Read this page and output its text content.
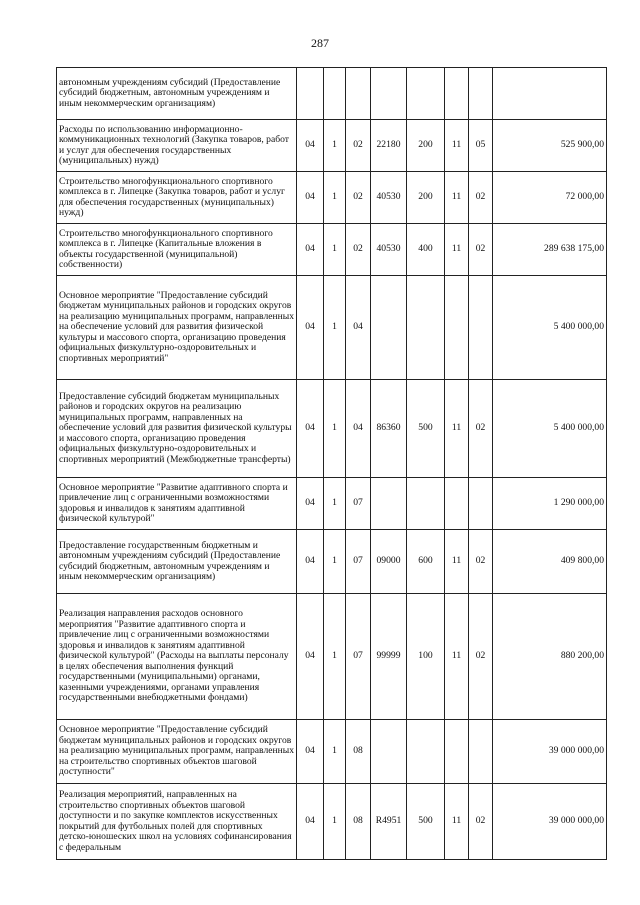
287
автономным учреждениям субсидий (Предоставление субсидий бюджетным, автономным учреждениям и иным некоммерческим организациям)								
Расходы по использованию информационно-коммуникационных технологий (Закупка товаров, работ и услуг для обеспечения государственных (муниципальных) нужд)	04	1	02	22180	200	11	05	525 900,00
Строительство многофункционального спортивного комплекса в г. Липецке (Закупка товаров, работ и услуг для обеспечения государственных (муниципальных) нужд)	04	1	02	40530	200	11	02	72 000,00
Строительство многофункционального спортивного комплекса в г. Липецке (Капитальные вложения в объекты государственной (муниципальной) собственности)	04	1	02	40530	400	11	02	289 638 175,00
Основное мероприятие "Предоставление субсидий бюджетам муниципальных районов и городских округов на реализацию муниципальных программ, направленных на обеспечение условий для развития физической культуры и массового спорта, организацию проведения официальных физкультурно-оздоровительных и спортивных мероприятий"	04	1	04					5 400 000,00
Предоставление субсидий бюджетам муниципальных районов и городских округов на реализацию муниципальных программ, направленных на обеспечение условий для развития физической культуры и массового спорта, организацию проведения официальных физкультурно-оздоровительных и спортивных мероприятий (Межбюджетные трансферты)	04	1	04	86360	500	11	02	5 400 000,00
Основное мероприятие "Развитие адаптивного спорта и привлечение лиц с ограниченными возможностями здоровья и инвалидов к занятиям адаптивной физической культурой"	04	1	07					1 290 000,00
Предоставление государственным бюджетным и автономным учреждениям субсидий (Предоставление субсидий бюджетным, автономным учреждениям и иным некоммерческим организациям)	04	1	07	09000	600	11	02	409 800,00
Реализация направления расходов основного мероприятия "Развитие адаптивного спорта и привлечение лиц с ограниченными возможностями здоровья и инвалидов к занятиям адаптивной физической культурой" (Расходы на выплаты персоналу в целях обеспечения выполнения функций государственными (муниципальными) органами, казенными учреждениями, органами управления государственными внебюджетными фондами)	04	1	07	99999	100	11	02	880 200,00
Основное мероприятие "Предоставление субсидий бюджетам муниципальных районов и городских округов на реализацию муниципальных программ, направленных на строительство спортивных объектов шаговой доступности"	04	1	08					39 000 000,00
Реализация мероприятий, направленных на строительство спортивных объектов шаговой доступности и по закупке комплектов искусственных покрытий для футбольных полей для спортивных детско-юношеских школ на условиях софинансирования с федеральным	04	1	08	R4951	500	11	02	39 000 000,00
